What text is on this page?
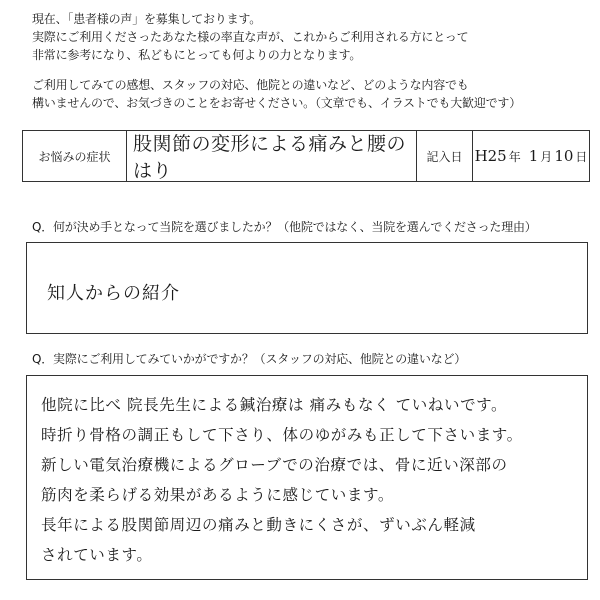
現在、「患者様の声」を募集しております。
実際にご利用くださったあなた様の率直な声が、これからご利用される方にとって
非常に参考になり、私どもにとっても何よりの力となります。
ご利用してみての感想、スタッフの対応、他院との違いなど、どのような内容でも
構いませんので、お気づきのことをお寄せください。（文章でも、イラストでも大歓迎です）
お悩みの症状
股関節の変形による痛みと腰のはり
記入日 H25 年 1 月 10 日
Q．何が決め手となって当院を選びましたか？（他院ではなく、当院を選んでくださった理由）
知人からの紹介
Q．実際にご利用してみていかがですか？（スタッフの対応、他院との違いなど）
他院に比べ 院長先生による鍼治療は 痛みもなく ていねいです。
時折り骨格の調正もして下さり、体のゆがみも正して下さいます。
新しい電気治療機によるグローブでの治療では、骨に近い深部の
筋肉を柔らげる効果があるように感じています。
長年による股関節周辺の痛みと動きにくさが、ずいぶん軽減
されています。
